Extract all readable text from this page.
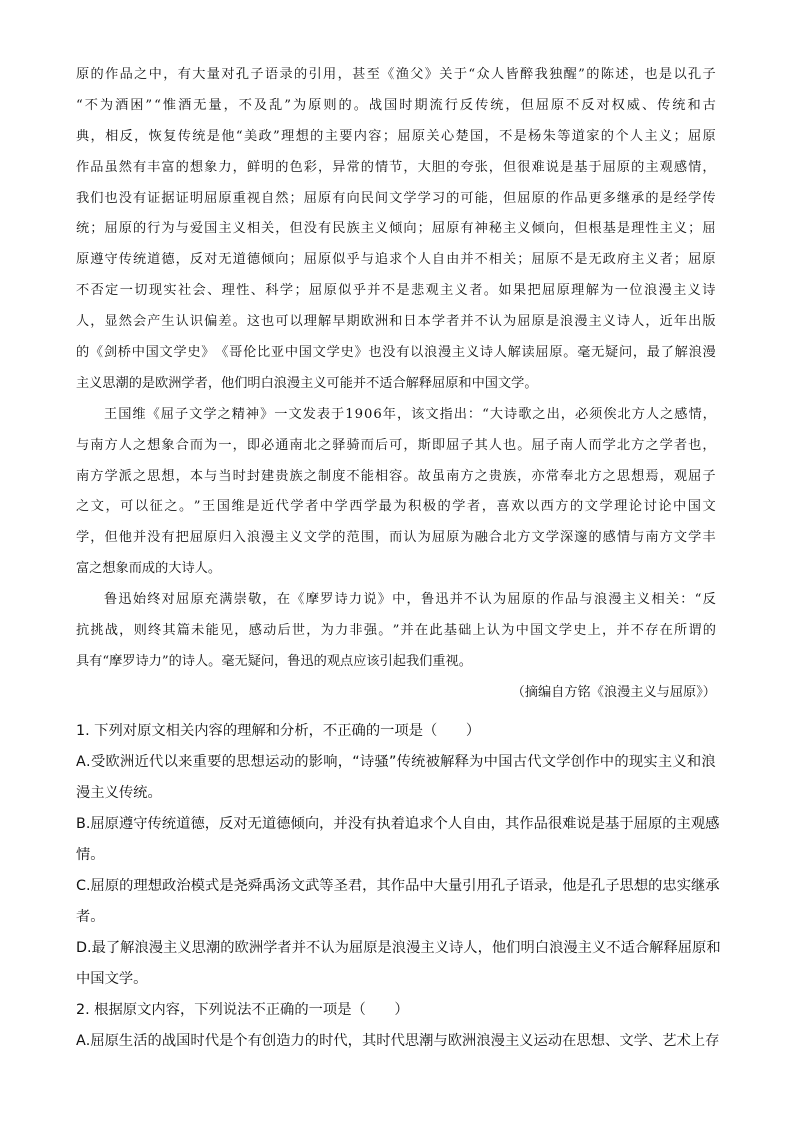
原 的 作 品 之 中 ， 有 大 量 对 孔 子 语 录 的 引 用 ， 甚 至 《 渔 父 》 关 于 “ 众 人 皆 醉 我 独 醒 ” 的 陈 述 ， 也 是 以 孔 子
“ 不 为 酒 困 ” “ 惟 酒 无 量 ， 不 及 乱 ” 为 原 则 的 。 战 国 时 期 流 行 反 传 统 ， 但 屈 原 不 反 对 权 威 、 传 统 和 古
典 ， 相 反 ， 恢 复 传 统 是 他 “ 美 政 ” 理 想 的 主 要 内 容 ； 屈 原 关 心 楚 国 ， 不 是 杨 朱 等 道 家 的 个 人 主 义 ； 屈 原
作 品 虽 然 有 丰 富 的 想 象 力 ， 鲜 明 的 色 彩 ， 异 常 的 情 节 ， 大 胆 的 夸 张 ， 但 很 难 说 是 基 于 屈 原 的 主 观 感 情 ，
我 们 也 没 有 证 据 证 明 屈 原 重 视 自 然 ； 屈 原 有 向 民 间 文 学 学 习 的 可 能 ， 但 屈 原 的 作 品 更 多 继 承 的 是 经 学 传
统 ； 屈 原 的 行 为 与 爱 国 主 义 相 关 ， 但 没 有 民 族 主 义 倾 向 ； 屈 原 有 神 秘 主 义 倾 向 ， 但 根 基 是 理 性 主 义 ； 屈
原 遵 守 传 统 道 德 ， 反 对 无 道 德 倾 向 ； 屈 原 似 乎 与 追 求 个 人 自 由 并 不 相 关 ； 屈 原 不 是 无 政 府 主 义 者 ； 屈 原
不 否 定 一 切 现 实 社 会 、 理 性 、 科 学 ； 屈 原 似 乎 并 不 是 悲 观 主 义 者 。 如 果 把 屈 原 理 解 为 一 位 浪 漫 主 义 诗
人 ， 显 然 会 产 生 认 识 偏 差 。 这 也 可 以 理 解 早 期 欧 洲 和 日 本 学 者 并 不 认 为 屈 原 是 浪 漫 主 义 诗 人 ， 近 年 出 版
的 《 剑 桥 中 国 文 学 史 》 《 哥 伦 比 亚 中 国 文 学 史 》 也 没 有 以 浪 漫 主 义 诗 人 解 读 屈 原 。 毫 无 疑 问 ， 最 了 解 浪 漫
主义思潮的是欧洲学者，他们明白浪漫主义可能并不适合解释屈原和中国文学。
王 国 维 《 屈 子 文 学 之 精 神 》 一 文 发 表 于 1 9 0 6 年 ， 该 文 指 出 ： “ 大 诗 歌 之 出 ， 必 须 俟 北 方 人 之 感 情 ，
与 南 方 人 之 想 象 合 而 为 一 ， 即 必 通 南 北 之 驿 骑 而 后 可 ， 斯 即 屈 子 其 人 也 。 屈 子 南 人 而 学 北 方 之 学 者 也 ，
南 方 学 派 之 思 想 ， 本 与 当 时 封 建 贵 族 之 制 度 不 能 相 容 。 故 虽 南 方 之 贵 族 ， 亦 常 奉 北 方 之 思 想 焉 ， 观 屈 子
之 文 ， 可 以 征 之 。 ” 王 国 维 是 近 代 学 者 中 学 西 学 最 为 积 极 的 学 者 ， 喜 欢 以 西 方 的 文 学 理 论 讨 论 中 国 文
学 ， 但 他 并 没 有 把 屈 原 归 入 浪 漫 主 义 文 学 的 范 围 ， 而 认 为 屈 原 为 融 合 北 方 文 学 深 邃 的 感 情 与 南 方 文 学 丰
富之想象而成的大诗人。
鲁 迅 始 终 对 屈 原 充 满 崇 敬 ， 在 《 摩 罗 诗 力 说 》 中 ， 鲁 迅 并 不 认 为 屈 原 的 作 品 与 浪 漫 主 义 相 关 ： “ 反
抗 挑 战 ， 则 终 其 篇 未 能 见 ， 感 动 后 世 ， 为 力 非 强 。 ” 并 在 此 基 础 上 认 为 中 国 文 学 史 上 ， 并 不 存 在 所 谓 的
具有“摩罗诗力”的诗人。毫无疑问，鲁迅的观点应该引起我们重视。
（摘编自方铭《浪漫主义与屈原》）
1. 下列对原文相关内容的理解和分析，不正确的一项是（　　）
A . 受 欧 洲 近 代 以 来 重 要 的 思 想 运 动 的 影 响 ， “ 诗 骚 ” 传 统 被 解 释 为 中 国 古 代 文 学 创 作 中 的 现 实 主 义 和 浪
漫主义传统。
B . 屈 原 遵 守 传 统 道 德 ， 反 对 无 道 德 倾 向 ， 并 没 有 执 着 追 求 个 人 自 由 ， 其 作 品 很 难 说 是 基 于 屈 原 的 主 观 感
情。
C . 屈 原 的 理 想 政 治 模 式 是 尧 舜 禹 汤 文 武 等 圣 君 ， 其 作 品 中 大 量 引 用 孔 子 语 录 ， 他 是 孔 子 思 想 的 忠 实 继 承
者。
D . 最 了 解 浪 漫 主 义 思 潮 的 欧 洲 学 者 并 不 认 为 屈 原 是 浪 漫 主 义 诗 人 ， 他 们 明 白 浪 漫 主 义 不 适 合 解 释 屈 原 和
中国文学。
2. 根据原文内容，下列说法不正确的一项是（　　）
A . 屈 原 生 活 的 战 国 时 代 是 个 有 创 造 力 的 时 代 ， 其 时 代 思 潮 与 欧 洲 浪 漫 主 义 运 动 在 思 想 、 文 学 、 艺 术 上 存
